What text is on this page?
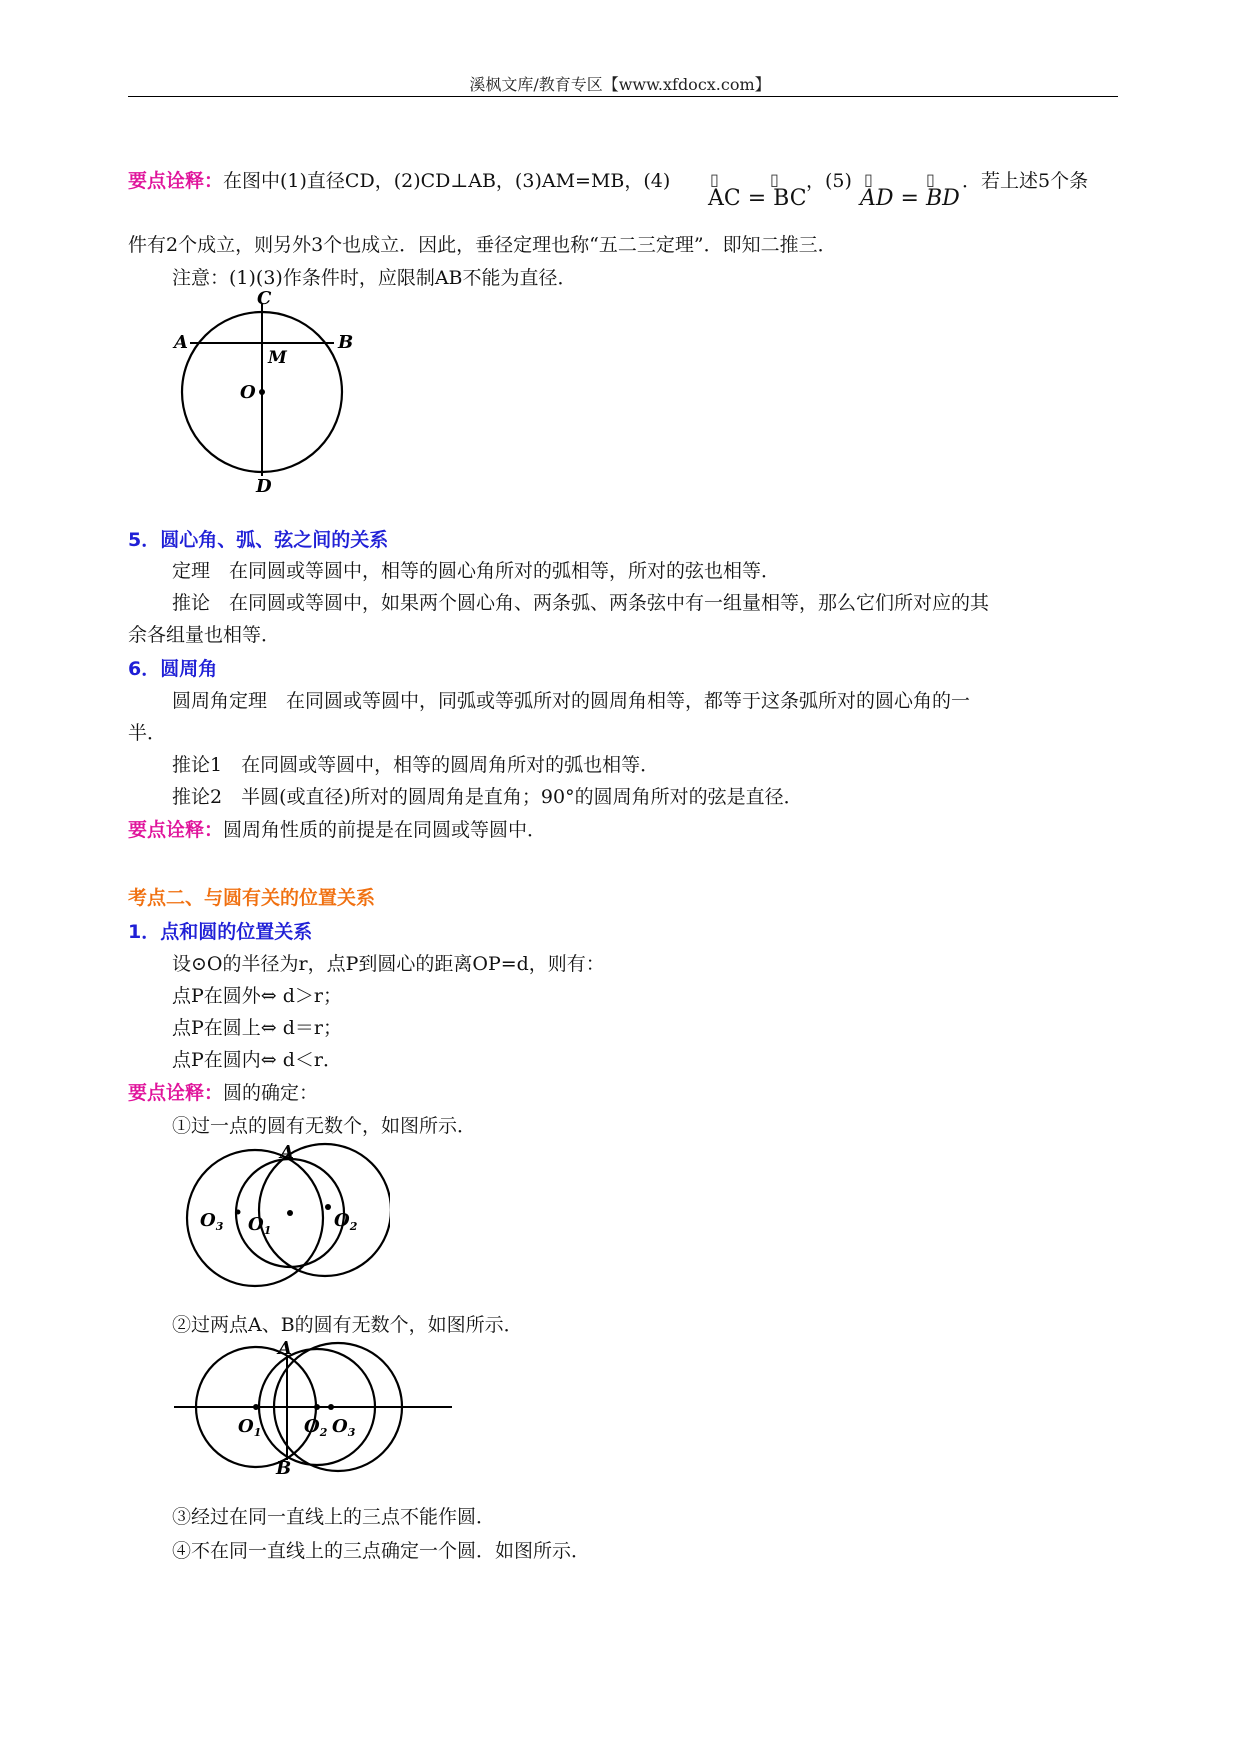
溪枫文库/教育专区【www.xfdocx.com】
要点诠释：在图中(1)直径CD，(2)CD⊥AB，(3)AM=MB，(4) ▯	▯
AC = BC
，(5) ▯	▯
AD = BD
．若上述5个条
件有2个成立，则另外3个也成立．因此，垂径定理也称“五二三定理”．即知二推三．
注意：(1)(3)作条件时，应限制AB不能为直径．
C
A	B
M
O
D
5．圆心角、弧、弦之间的关系
定理　在同圆或等圆中，相等的圆心角所对的弧相等，所对的弦也相等．
推论　在同圆或等圆中，如果两个圆心角、两条弧、两条弦中有一组量相等，那么它们所对应的其
余各组量也相等．
6．圆周角
圆周角定理　在同圆或等圆中，同弧或等弧所对的圆周角相等，都等于这条弧所对的圆心角的一
半．
推论1　在同圆或等圆中，相等的圆周角所对的弧也相等．
推论2　半圆(或直径)所对的圆周角是直角；90°的圆周角所对的弦是直径．
要点诠释：圆周角性质的前提是在同圆或等圆中．
考点二、与圆有关的位置关系
1．点和圆的位置关系
设⊙O的半径为r，点P到圆心的距离OP=d，则有：
点P在圆外⇔ d＞r；
点P在圆上⇔ d＝r；
点P在圆内⇔ d＜r．
要点诠释：圆的确定：
①过一点的圆有无数个，如图所示．
A
$O_3$ $O_1$	$O_2$
②过两点A、B的圆有无数个，如图所示．
A
B
$O_1$ $O_2$ $O_3$
③经过在同一直线上的三点不能作圆．
④不在同一直线上的三点确定一个圆．如图所示．
